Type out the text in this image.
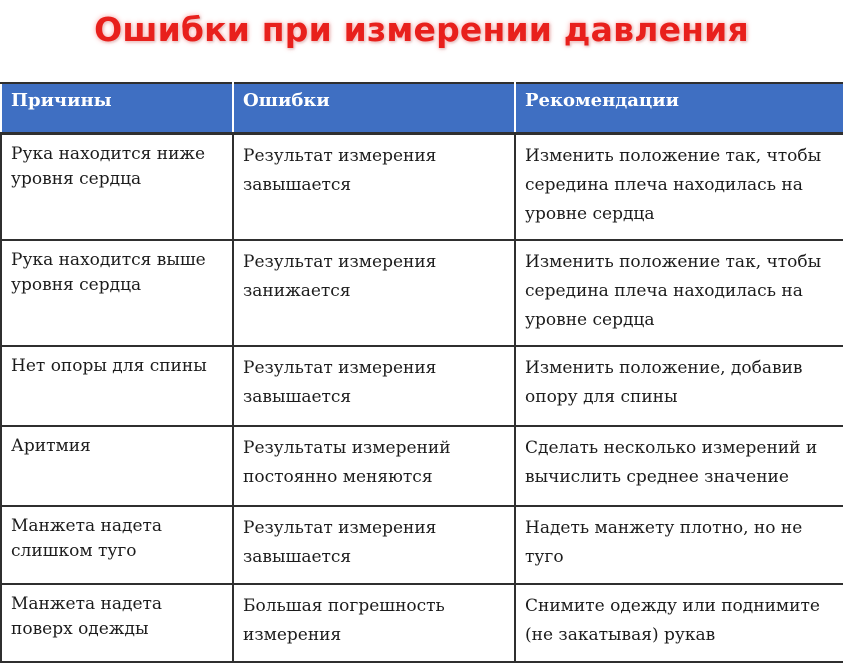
Ошибки при измерении давления
Причины	Ошибки	Рекомендации
Рука находится ниже уровня сердца	Результат измерения завышается	Изменить положение так, чтобы середина плеча находилась на уровне сердца
Рука находится выше уровня сердца	Результат измерения занижается	Изменить положение так, чтобы середина плеча находилась на уровне сердца
Нет опоры для спины	Результат измерения завышается	Изменить положение, добавив опору для спины
Аритмия	Результаты измерений постоянно меняются	Сделать несколько измерений и вычислить среднее значение
Манжета надета слишком туго	Результат измерения завышается	Надеть манжету плотно, но не туго
Манжета надета поверх одежды	Большая погрешность измерения	Снимите одежду или поднимите (не закатывая) рукав
